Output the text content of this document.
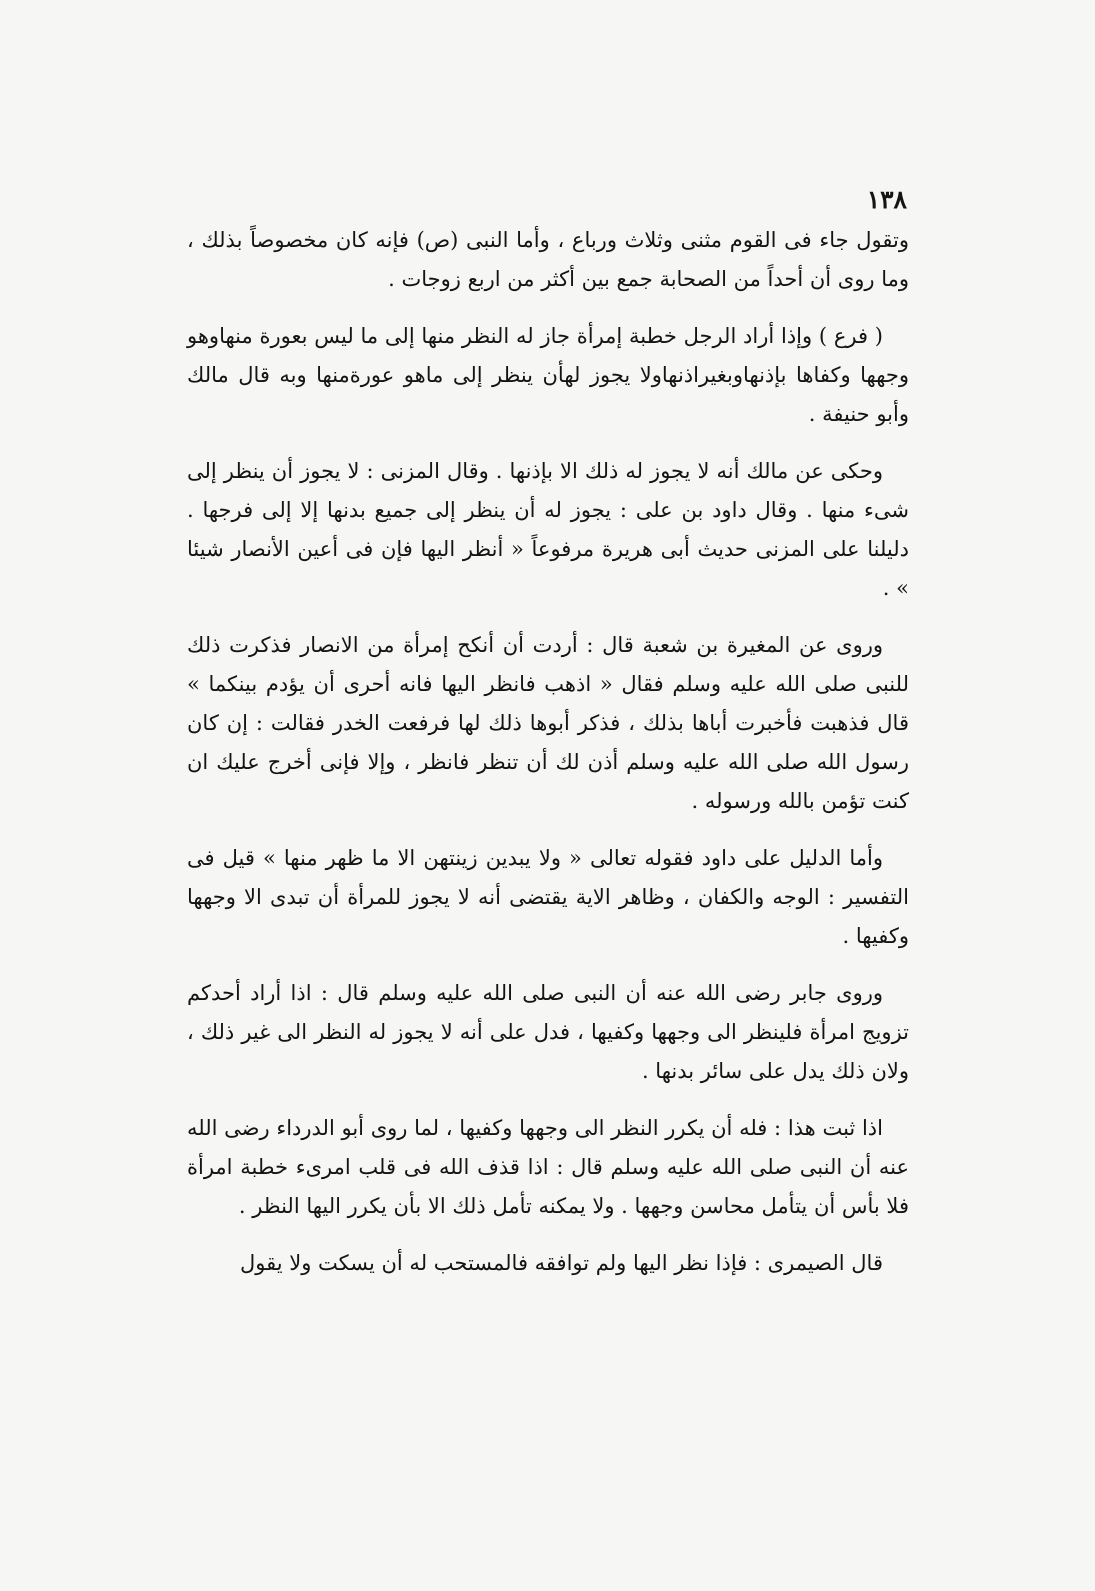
١٣٨

وتقول جاء فى القوم مثنى وثلاث ورباع ، وأما النبى (ص) فإنه كان مخصوصاً بذلك ، وما روى أن أحداً من الصحابة جمع بين أكثر من اربع زوجات .

( فرع ) وإذا أراد الرجل خطبة إمرأة جاز له النظر منها إلى ما ليس بعورة منهاوهو وجهها وكفاها بإذنهاوبغيراذنهاولا يجوز لهأن ينظر إلى ماهو عورةمنها وبه قال مالك وأبو حنيفة .

وحكى عن مالك أنه لا يجوز له ذلك الا بإذنها . وقال المزنى : لا يجوز أن ينظر إلى شىء منها . وقال داود بن على : يجوز له أن ينظر إلى جميع بدنها إلا إلى فرجها . دليلنا على المزنى حديث أبى هريرة مرفوعاً « أنظر اليها فإن فى أعين الأنصار شيئا » .

وروى عن المغيرة بن شعبة قال : أردت أن أنكح إمرأة من الانصار فذكرت ذلك للنبى صلى الله عليه وسلم فقال « اذهب فانظر اليها فانه أحرى أن يؤدم بينكما » قال فذهبت فأخبرت أباها بذلك ، فذكر أبوها ذلك لها فرفعت الخدر فقالت : إن كان رسول الله صلى الله عليه وسلم أذن لك أن تنظر فانظر ، وإلا فإنى أخرج عليك ان كنت تؤمن بالله ورسوله .

وأما الدليل على داود فقوله تعالى « ولا يبدين زينتهن الا ما ظهر منها » قيل فى التفسير : الوجه والكفان ، وظاهر الاية يقتضى أنه لا يجوز للمرأة أن تبدى الا وجهها وكفيها .

وروى جابر رضى الله عنه أن النبى صلى الله عليه وسلم قال : اذا أراد أحدكم تزويج امرأة فلينظر الى وجهها وكفيها ، فدل على أنه لا يجوز له النظر الى غير ذلك ، ولان ذلك يدل على سائر بدنها .

اذا ثبت هذا : فله أن يكرر النظر الى وجهها وكفيها ، لما روى أبو الدرداء رضى الله عنه أن النبى صلى الله عليه وسلم قال : اذا قذف الله فى قلب امرىء خطبة امرأة فلا بأس أن يتأمل محاسن وجهها . ولا يمكنه تأمل ذلك الا بأن يكرر اليها النظر .

قال الصيمرى : فإذا نظر اليها ولم توافقه فالمستحب له أن يسكت ولا يقول
